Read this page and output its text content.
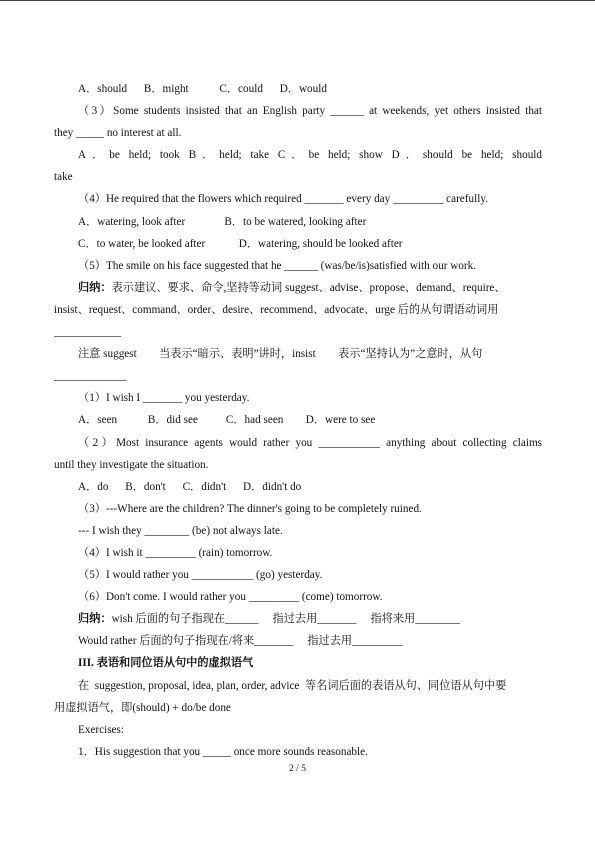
A．should      B．might           C．could      D．would
（3）Some students insisted that an English party ______ at weekends, yet others insisted that
they _____ no interest at all.
A．be held; took B．held; take C．be held; show D．should be held; should
take
（4）He required that the flowers which required _______ every day _________ carefully.
A．watering, look after              B．to be watered, looking after
C．to water, be looked after            D．watering, should be looked after
（5）The smile on his face suggested that he ______ (was/be/is)satisfied with our work.
归纳：表示建议、要求、命令,坚持等动词 suggest、advise、propose、demand、require、
insist、request、command、order、desire、recommend、advocate、urge 后的从句谓语动词用
____________
注意 suggest        当表示“暗示、表明”讲时，insist        表示“坚持认为”之意时，从句
_____________
（1）I wish I _______ you yesterday.
A．seen           B．did see          C．had seen        D．were to see
（2）Most insurance agents would rather you ___________ anything about collecting claims
until they investigate the situation.
A．do      B．don't      C．didn't      D．didn't do
（3）---Where are the children? The dinner's going to be completely ruined.
--- I wish they ________ (be) not always late.
（4）I wish it _________ (rain) tomorrow.
（5）I would rather you ___________ (go) yesterday.
（6）Don't come. I would rather you _________ (come) tomorrow.
归纳：wish 后面的句子指现在______     指过去用_______     指将来用________
Would rather 后面的句子指现在/将来_______     指过去用_________
III. 表语和同位语从句中的虚拟语气
在  suggestion, proposal, idea, plan, order, advice  等名词后面的表语从句、同位语从句中要
用虚拟语气，即(should) + do/be done
Exercises:
1．His suggestion that you _____ once more sounds reasonable.
2 / 5
